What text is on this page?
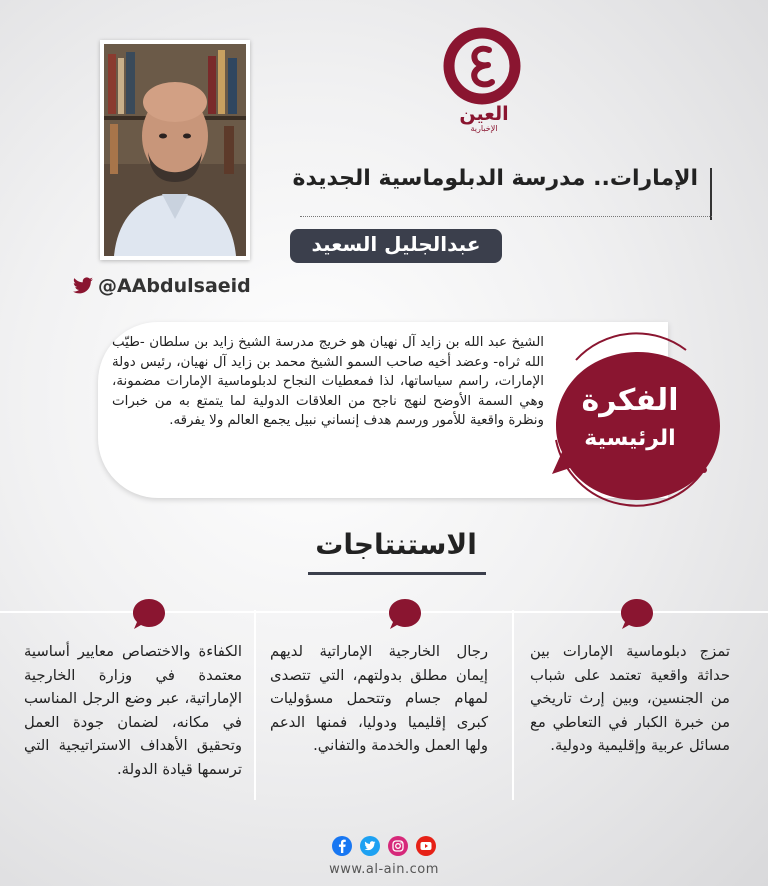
العين
الإخبارية
الإمارات.. مدرسة الدبلوماسية الجديدة
عبدالجليل السعيد
@AAbdulsaeid
الشيخ عبد الله بن زايد آل نهيان هو خريج مدرسة الشيخ زايد بن سلطان -طيّب الله ثراه- وعضد أخيه صاحب السمو الشيخ محمد بن زايد آل نهيان، رئيس دولة الإمارات، راسم سياساتها، لذا فمعطيات النجاح لدبلوماسية الإمارات مضمونة، وهي السمة الأوضح لنهج ناجح من العلاقات الدولية لما يتمتع به من خبرات ونظرة واقعية للأمور ورسم هدف إنساني نبيل يجمع العالم ولا يفرقه.
الفكرة
الرئيسية
الاستنتاجات
تمزج دبلوماسية الإمارات بين حداثة واقعية تعتمد على شباب من الجنسين، وبين إرث تاريخي من خبرة الكبار في التعاطي مع مسائل عربية وإقليمية ودولية.
رجال الخارجية الإماراتية لديهم إيمان مطلق بدولتهم، التي تتصدى لمهام جسام وتتحمل مسؤوليات كبرى إقليميا ودوليا، فمنها الدعم ولها العمل والخدمة والتفاني.
الكفاءة والاختصاص معايير أساسية معتمدة في وزارة الخارجية الإماراتية، عبر وضع الرجل المناسب في مكانه، لضمان جودة العمل وتحقيق الأهداف الاستراتيجية التي ترسمها قيادة الدولة.
www.al-ain.com
